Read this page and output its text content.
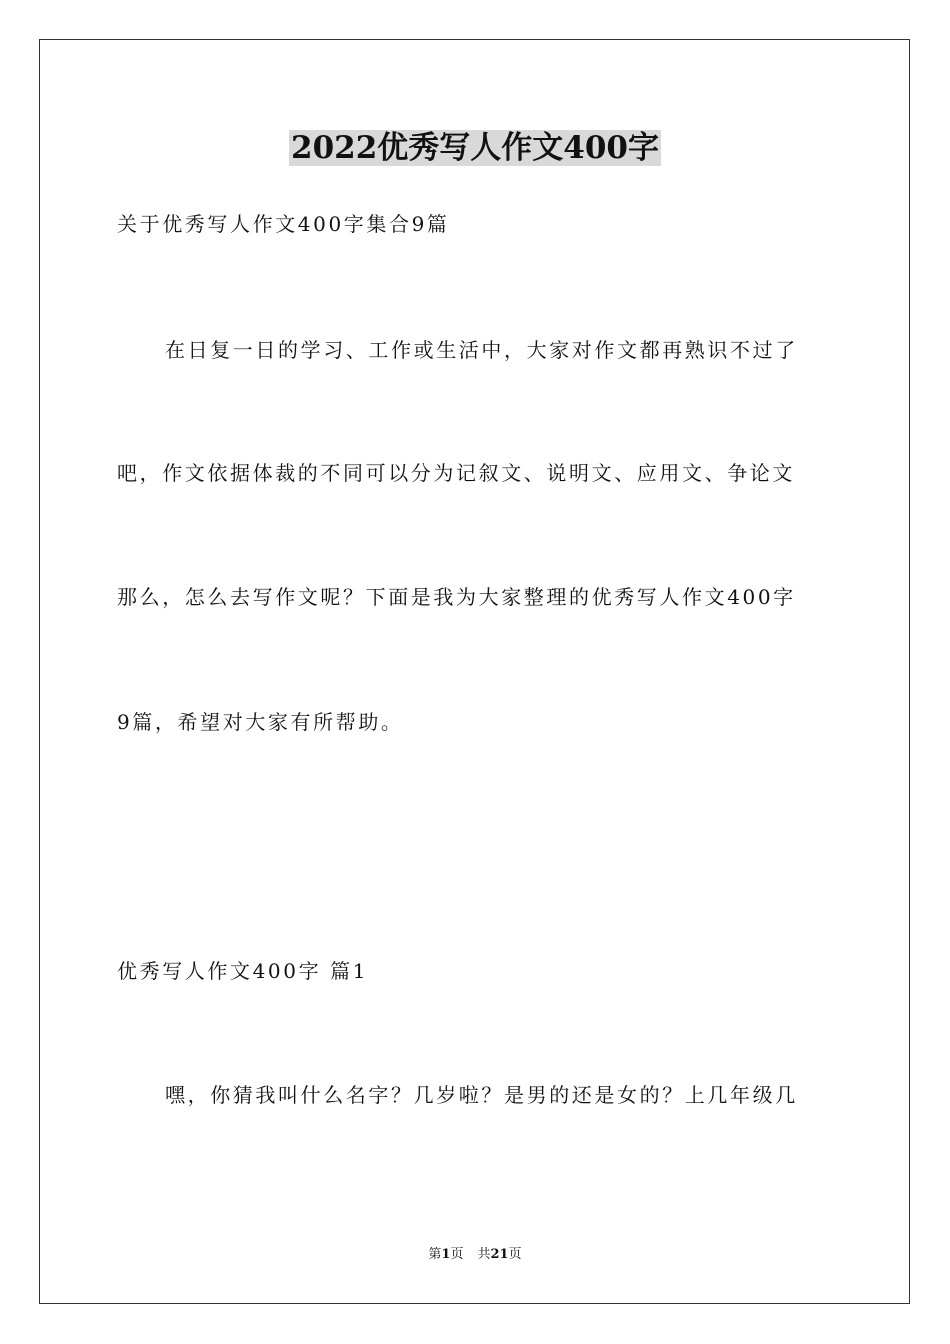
2022优秀写人作文400字
关于优秀写人作文400字集合9篇
在日复一日的学习、工作或生活中，大家对作文都再熟识不过了
吧，作文依据体裁的不同可以分为记叙文、说明文、应用文、争论文
那么，怎么去写作文呢？下面是我为大家整理的优秀写人作文400字
9篇，希望对大家有所帮助。
优秀写人作文400字 篇1
嘿，你猜我叫什么名字？几岁啦？是男的还是女的？上几年级几
第1页 共21页
